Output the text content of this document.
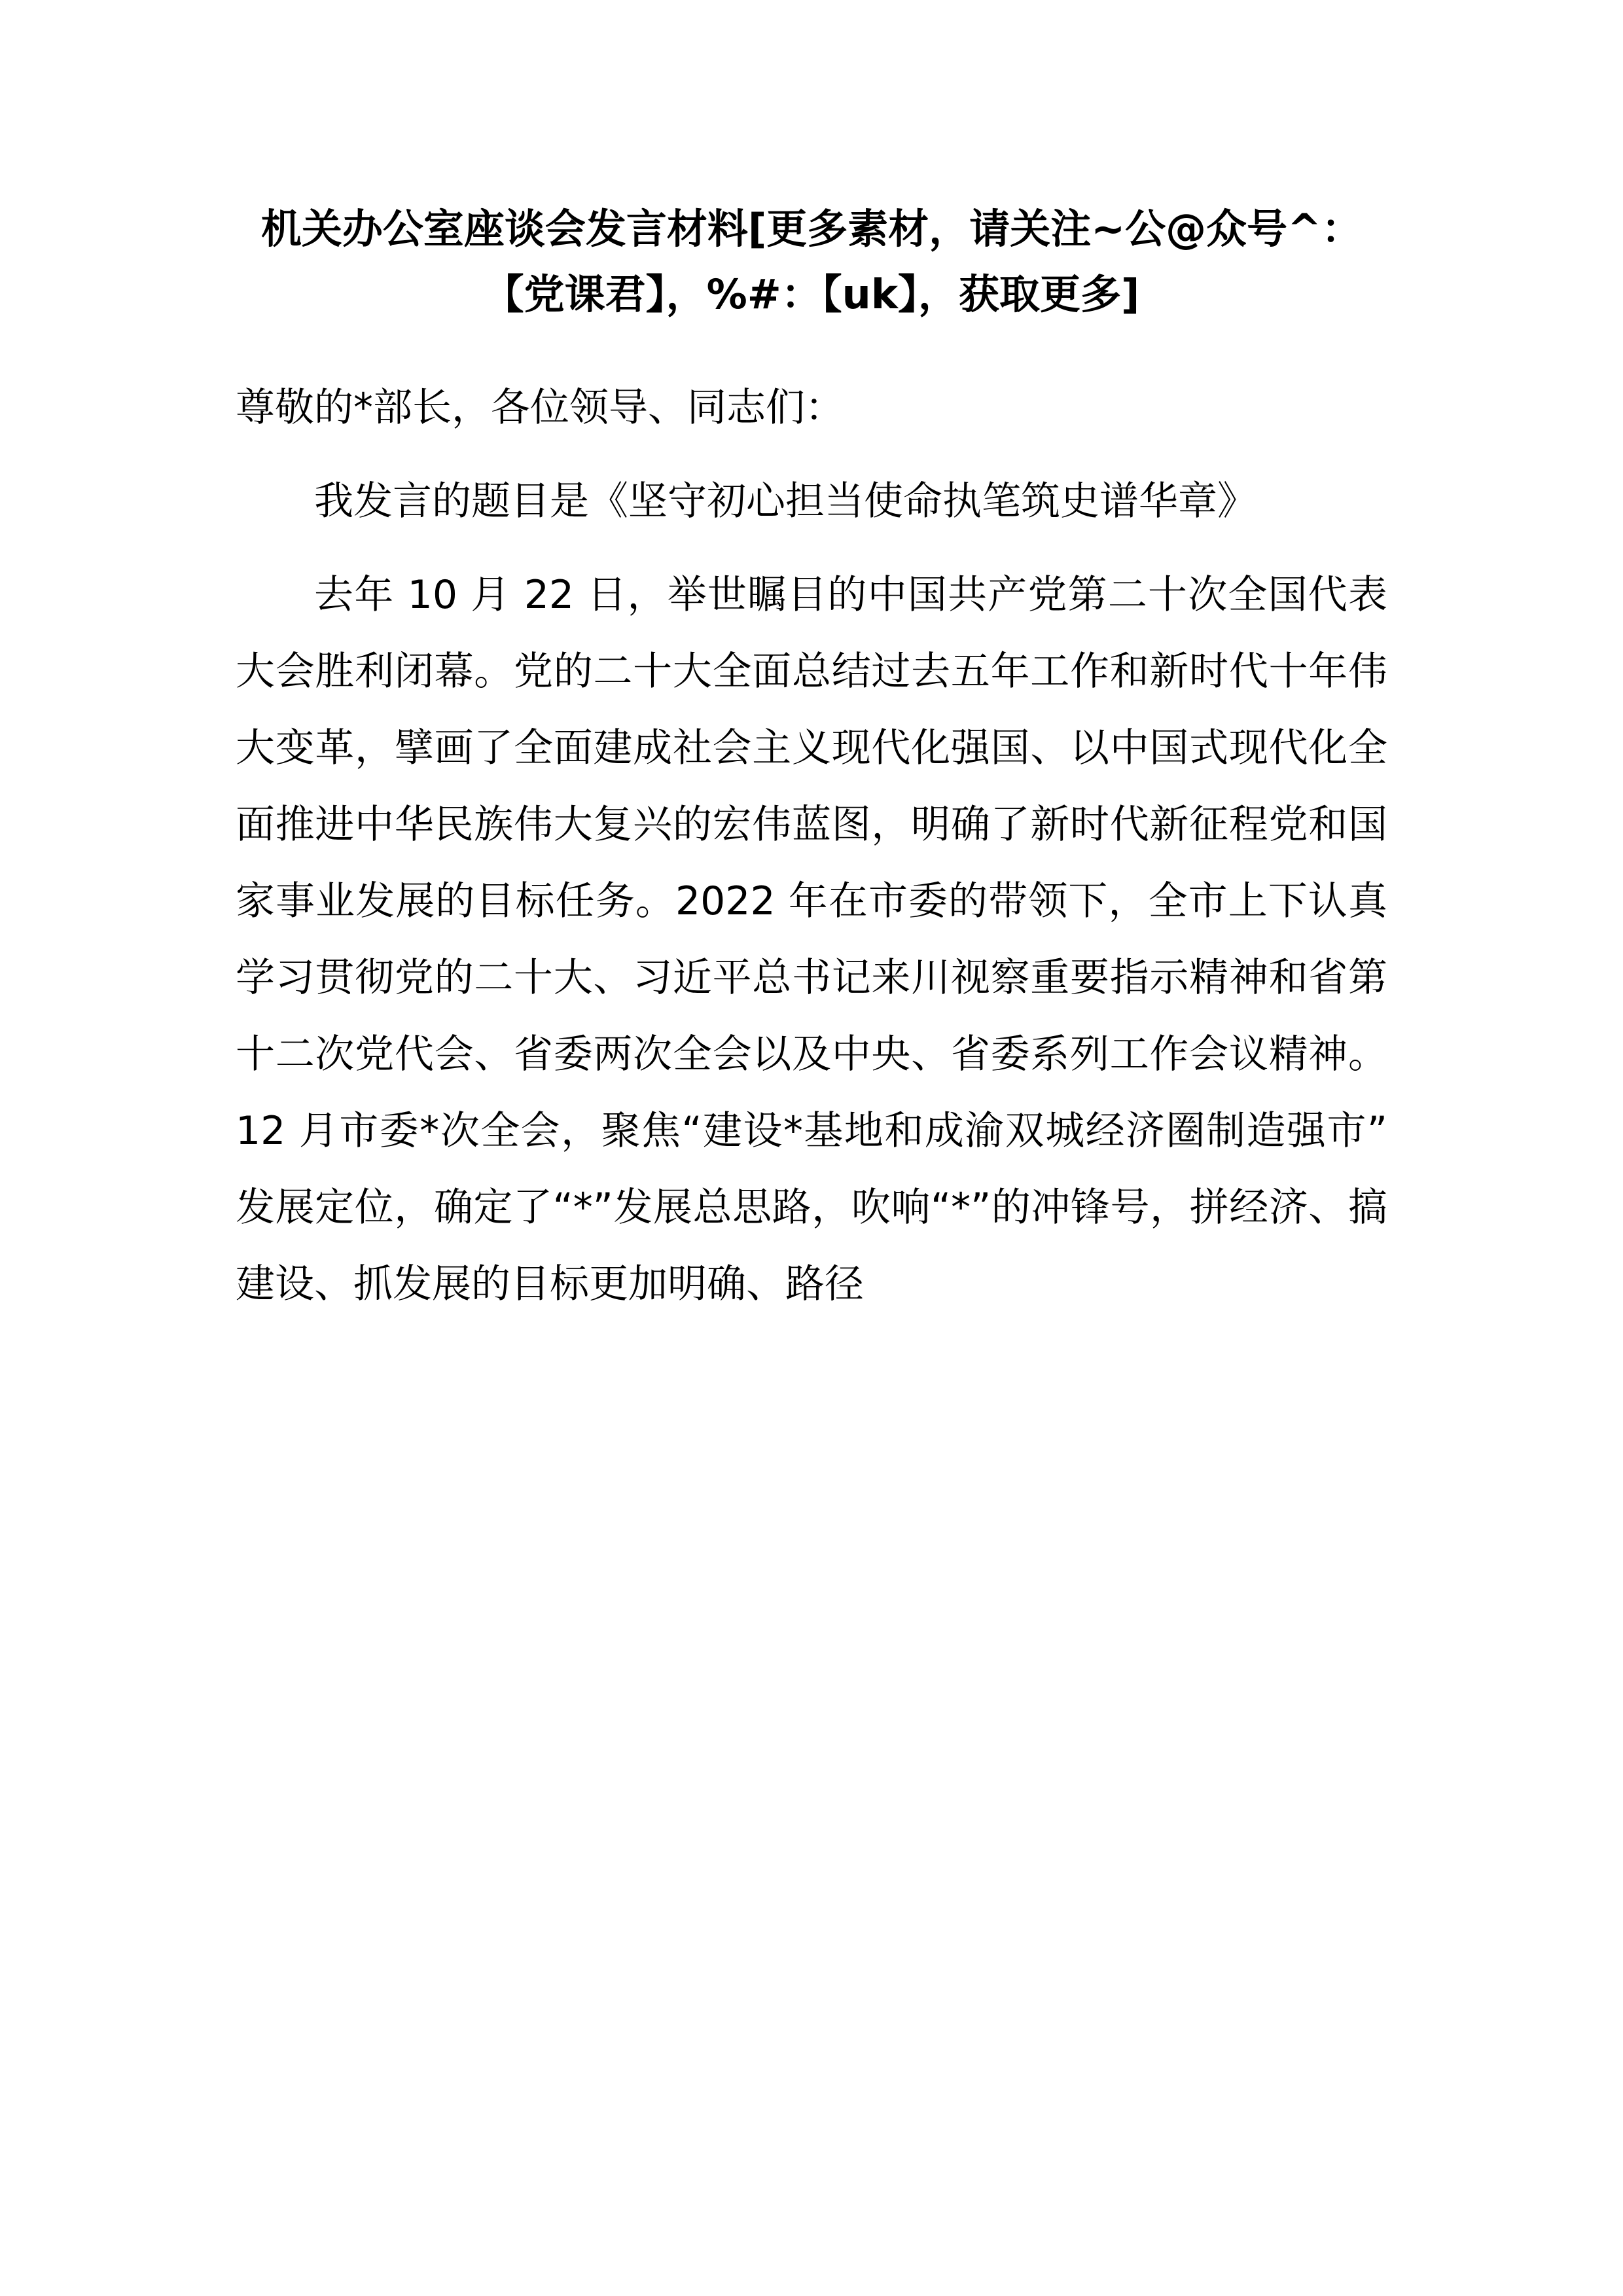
机关办公室座谈会发言材料[更多素材，请关注~公@众号^：【党课君】，%#：【uk】，获取更多]

尊敬的*部长，各位领导、同志们：

我发言的题目是《坚守初心担当使命执笔筑史谱华章》

去年 10 月 22 日，举世瞩目的中国共产党第二十次全国代表大会胜利闭幕。党的二十大全面总结过去五年工作和新时代十年伟大变革，擘画了全面建成社会主义现代化强国、以中国式现代化全面推进中华民族伟大复兴的宏伟蓝图，明确了新时代新征程党和国家事业发展的目标任务。2022 年在市委的带领下，全市上下认真学习贯彻党的二十大、习近平总书记来川视察重要指示精神和省第十二次党代会、省委两次全会以及中央、省委系列工作会议精神。12 月市委*次全会，聚焦“建设*基地和成渝双城经济圈制造强市”发展定位，确定了“*”发展总思路，吹响“*”的冲锋号，拼经济、搞建设、抓发展的目标更加明确、路径
